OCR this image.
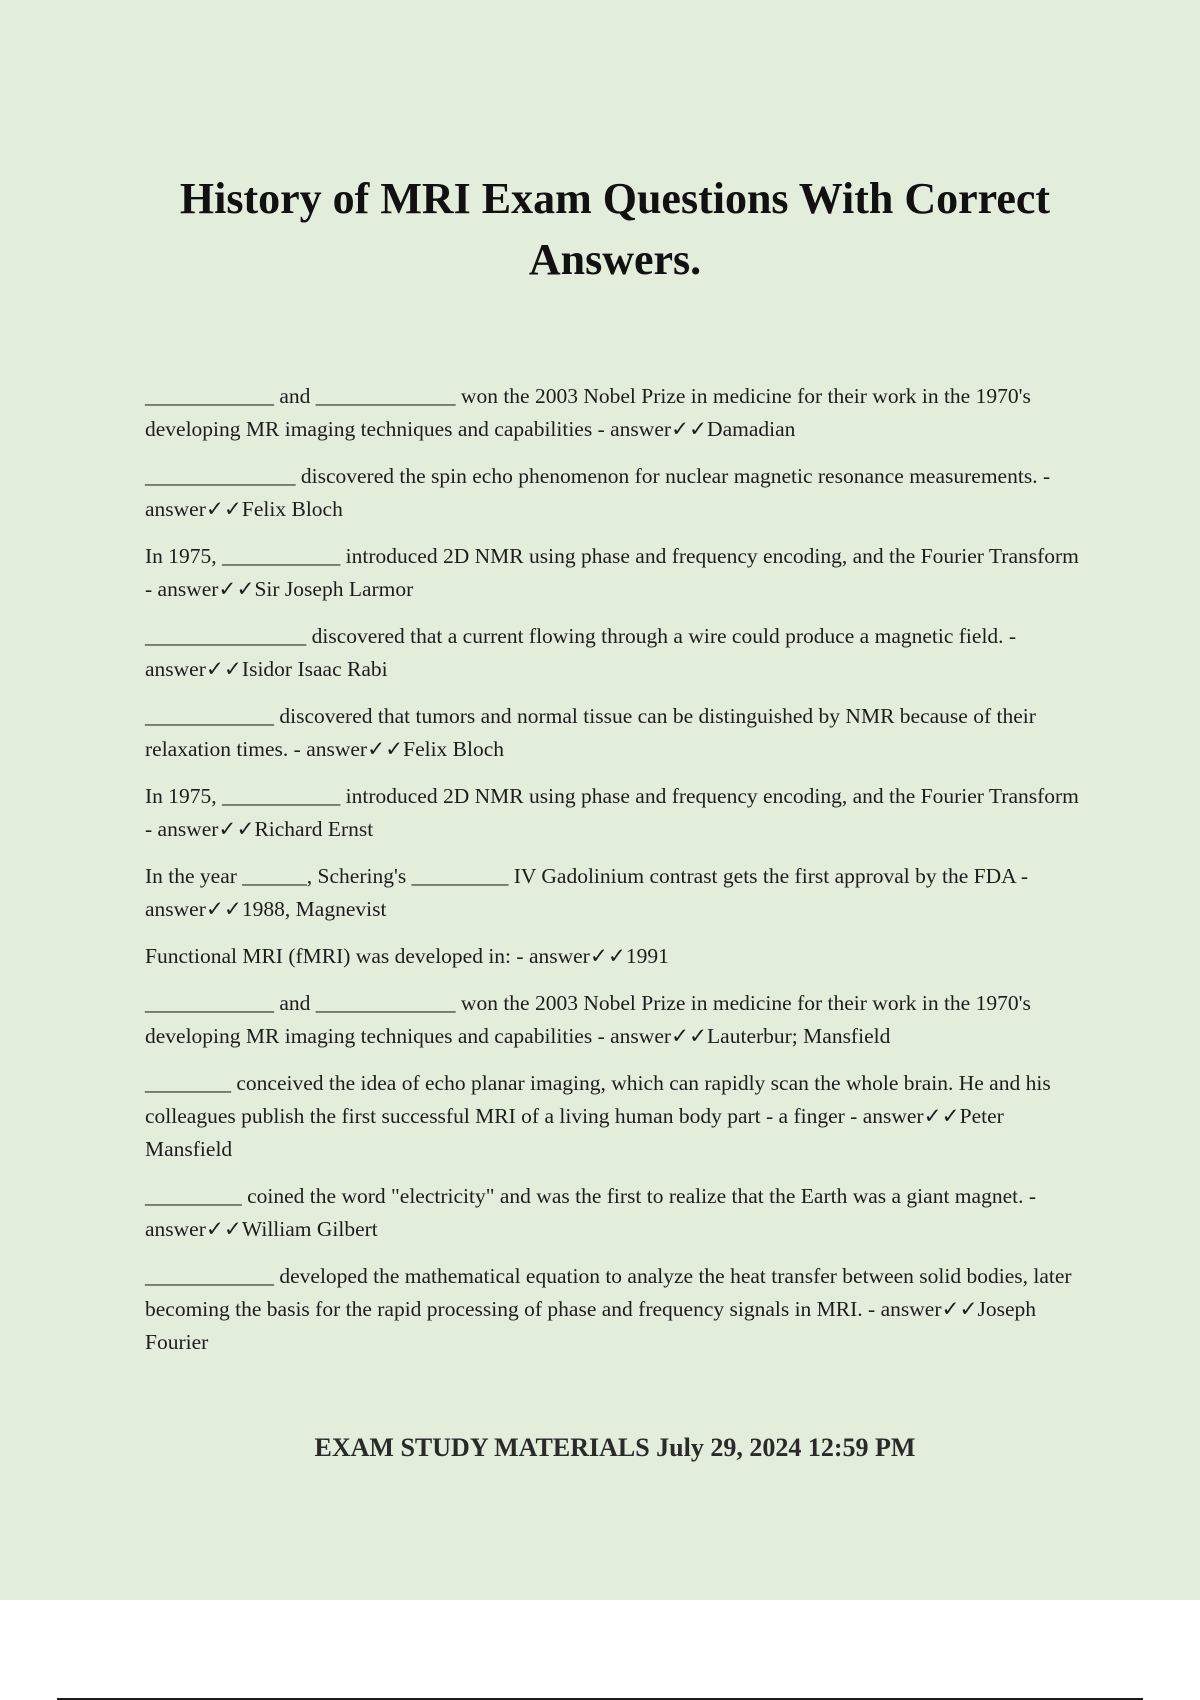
History of MRI Exam Questions With Correct Answers.
____________ and _____________ won the 2003 Nobel Prize in medicine for their work in the 1970's developing MR imaging techniques and capabilities - answer✓✓Damadian
______________ discovered the spin echo phenomenon for nuclear magnetic resonance measurements. - answer✓✓Felix Bloch
In 1975, ___________ introduced 2D NMR using phase and frequency encoding, and the Fourier Transform - answer✓✓Sir Joseph Larmor
_______________ discovered that a current flowing through a wire could produce a magnetic field. - answer✓✓Isidor Isaac Rabi
____________ discovered that tumors and normal tissue can be distinguished by NMR because of their relaxation times. - answer✓✓Felix Bloch
In 1975, ___________ introduced 2D NMR using phase and frequency encoding, and the Fourier Transform - answer✓✓Richard Ernst
In the year ______, Schering's _________ IV Gadolinium contrast gets the first approval by the FDA - answer✓✓1988, Magnevist
Functional MRI (fMRI) was developed in: - answer✓✓1991
____________ and _____________ won the 2003 Nobel Prize in medicine for their work in the 1970's developing MR imaging techniques and capabilities - answer✓✓Lauterbur; Mansfield
________ conceived the idea of echo planar imaging, which can rapidly scan the whole brain. He and his colleagues publish the first successful MRI of a living human body part - a finger - answer✓✓Peter Mansfield
_________ coined the word "electricity" and was the first to realize that the Earth was a giant magnet. - answer✓✓William Gilbert
____________ developed the mathematical equation to analyze the heat transfer between solid bodies, later becoming the basis for the rapid processing of phase and frequency signals in MRI. - answer✓✓Joseph Fourier

EXAM STUDY MATERIALS July 29, 2024 12:59 PM
